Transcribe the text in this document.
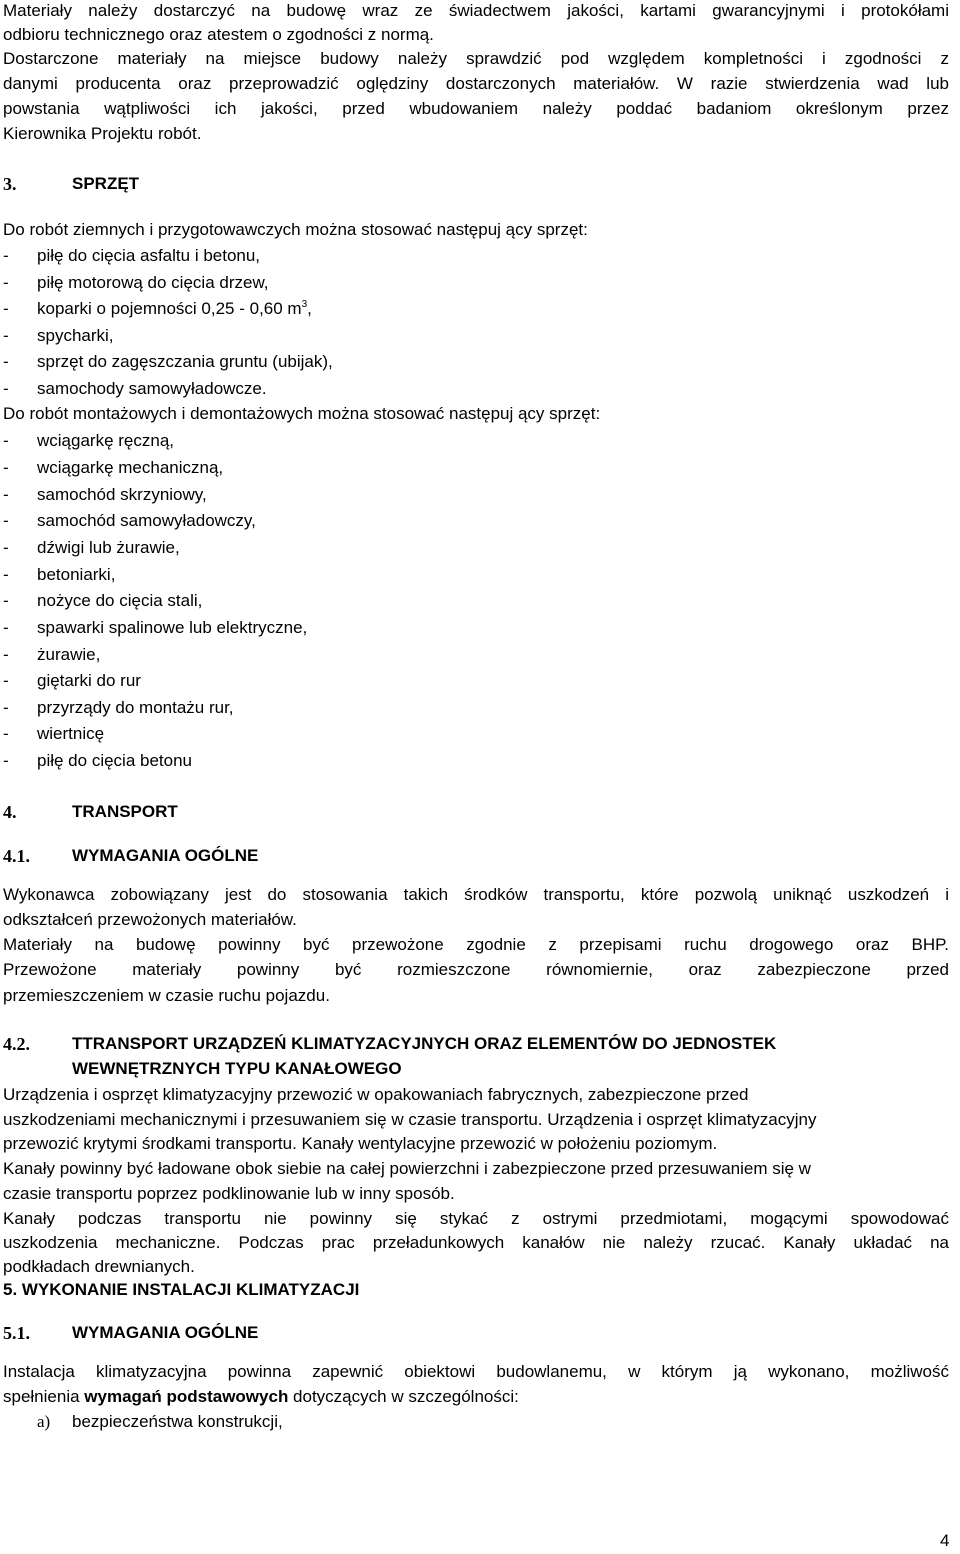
Materiały należy dostarczyć na budowę wraz ze świadectwem jakości, kartami gwarancyjnymi i protokółami
odbioru technicznego oraz atestem o zgodności z normą.
Dostarczone materiały na miejsce budowy należy sprawdzić pod względem kompletności i zgodności z
danymi producenta oraz przeprowadzić oględziny dostarczonych materiałów. W razie stwierdzenia wad lub
powstania wątpliwości ich jakości, przed wbudowaniem należy poddać badaniom określonym przez
Kierownika Projektu robót.
3.	SPRZĘT
Do robót ziemnych i przygotowawczych można stosować następuj ący sprzęt:
- piłę do cięcia asfaltu i betonu,
- piłę motorową do cięcia drzew,
- koparki o pojemności 0,25 - 0,60 $m^3$,
- spycharki,
- sprzęt do zagęszczania gruntu (ubijak),
- samochody samowyładowcze.
Do robót montażowych i demontażowych można stosować następuj ący sprzęt:
- wciągarkę ręczną,
- wciągarkę mechaniczną,
- samochód skrzyniowy,
- samochód samowyładowczy,
- dźwigi lub żurawie,
- betoniarki,
- nożyce do cięcia stali,
- spawarki spalinowe lub elektryczne,
- żurawie,
- giętarki do rur
- przyrządy do montażu rur,
- wiertnicę
- piłę do cięcia betonu
4.	TRANSPORT
4.1. WYMAGANIA OGÓLNE
Wykonawca zobowiązany jest do stosowania takich środków transportu, które pozwolą uniknąć uszkodzeń i
odkształceń przewożonych materiałów.
Materiały na budowę powinny być przewożone zgodnie z przepisami ruchu drogowego oraz BHP.
Przewożone materiały powinny być rozmieszczone równomiernie, oraz zabezpieczone przed
przemieszczeniem w czasie ruchu pojazdu.
4.2. TTRANSPORT URZĄDZEŃ KLIMATYZACYJNYCH ORAZ ELEMENTÓW DO JEDNOSTEK
WEWNĘTRZNYCH TYPU KANAŁOWEGO
Urządzenia i osprzęt klimatyzacyjny przewozić w opakowaniach fabrycznych, zabezpieczone przed
uszkodzeniami mechanicznymi i przesuwaniem się w czasie transportu. Urządzenia i osprzęt klimatyzacyjny
przewozić krytymi środkami transportu. Kanały wentylacyjne przewozić w położeniu poziomym.
Kanały powinny być ładowane obok siebie na całej powierzchni i zabezpieczone przed przesuwaniem się w
czasie transportu poprzez podklinowanie lub w inny sposób.
Kanały podczas transportu nie powinny się stykać z ostrymi przedmiotami, mogącymi spowodować
uszkodzenia mechaniczne. Podczas prac przeładunkowych kanałów nie należy rzucać. Kanały układać na
podkładach drewnianych.
5. WYKONANIE INSTALACJI KLIMATYZACJI
5.1. WYMAGANIA OGÓLNE
Instalacja klimatyzacyjna powinna zapewnić obiektowi budowlanemu, w którym ją wykonano, możliwość
spełnienia wymagań podstawowych dotyczących w szczególności:
a) bezpieczeństwa konstrukcji,
4
